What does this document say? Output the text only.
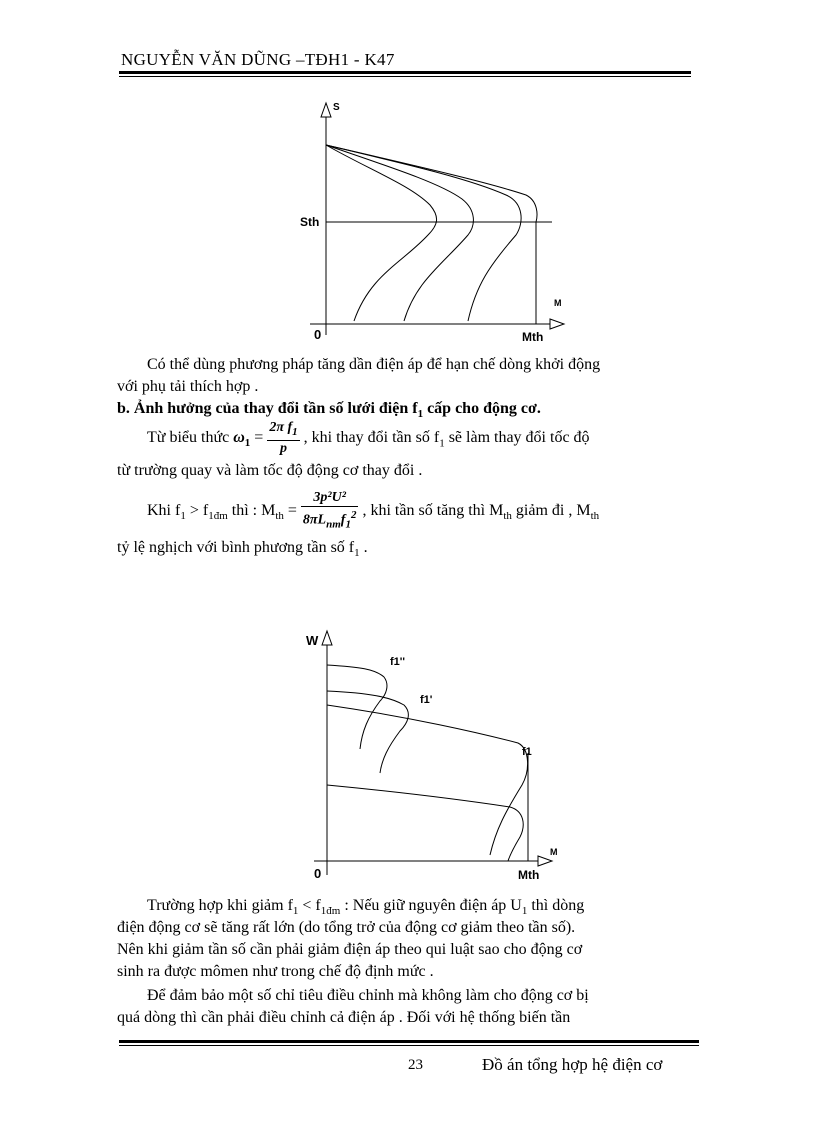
NGUYỄN VĂN DŨNG –TĐH1 - K47
S
Sth
0
M
Mth
Có thể dùng phương pháp tăng dần điện áp để hạn chế dòng khởi động
với phụ tải thích hợp .
b. Ảnh hưởng của thay đổi tần số lưới điện $f_1$ cấp cho động cơ.
Từ biểu thức $\omega_1 = \frac{2\pi f_1}{p}$ , khi thay đổi tần số $f_1$ sẽ làm thay đổi tốc độ
từ trường quay và làm tốc độ động cơ thay đổi .
Khi $f_1 > f_{1đm}$ thì : $M_{th} = \frac{\text{3p²U²}}{8\pi L_{nm}f_1^2}$ , khi tần số tăng thì $M_{th}$ giảm đi , $M_{th}$
tỷ lệ nghịch với bình phương tần số $f_1$ .
W
f1''
f1'
f1
0
M
Mth
Trường hợp khi giảm $f_1 < f_{1đm}$ : Nếu giữ nguyên điện áp $U_1$ thì dòng
điện động cơ sẽ tăng rất lớn (do tổng trở của động cơ giảm theo tần số).
Nên khi giảm tần số cần phải giảm điện áp theo qui luật sao cho động cơ
sinh ra được mômen như trong chế độ định mức .
Để đảm bảo một số chỉ tiêu điều chỉnh mà không làm cho động cơ bị
quá dòng thì cần phải điều chỉnh cả điện áp . Đối với hệ thống biến tần
23	Đồ án tổng hợp hệ điện cơ
